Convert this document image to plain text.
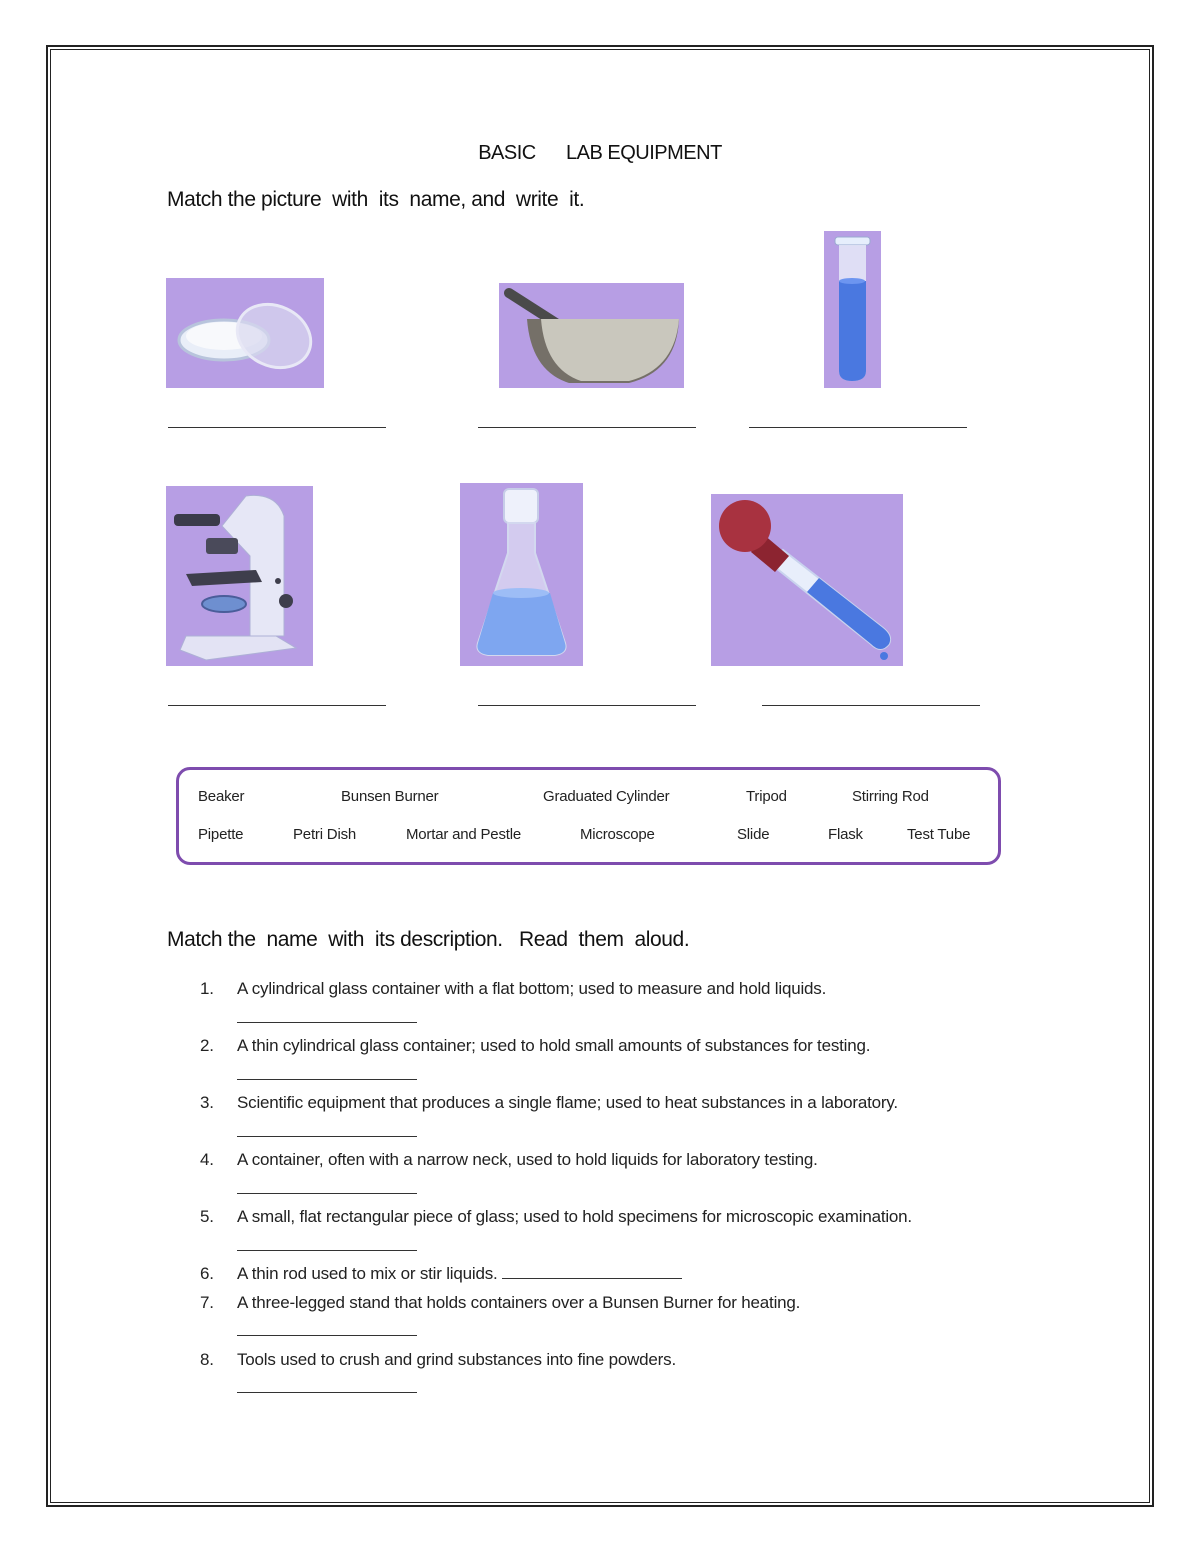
BASIC      LAB EQUIPMENT
Match the picture  with  its  name, and  write  it.
Beaker	Bunsen Burner	Graduated Cylinder	Tripod	Stirring Rod
Pipette	Petri Dish	Mortar and Pestle	Microscope	Slide	Flask	Test Tube
Match the  name  with  its description.   Read  them  aloud.
1.	A cylindrical glass container with a flat bottom; used to measure and hold liquids.

2.	A thin cylindrical glass container; used to hold small amounts of substances for testing.

3.	Scientific equipment that produces a single flame; used to heat substances in a laboratory.

4.	A container, often with a narrow neck, used to hold liquids for laboratory testing.

5.	A small, flat rectangular piece of glass; used to hold specimens for microscopic examination.
6.	A thin rod used to mix or stir liquids.
7.	A three-legged stand that holds containers over a Bunsen Burner for heating.

8.	Tools used to crush and grind substances into fine powders.
